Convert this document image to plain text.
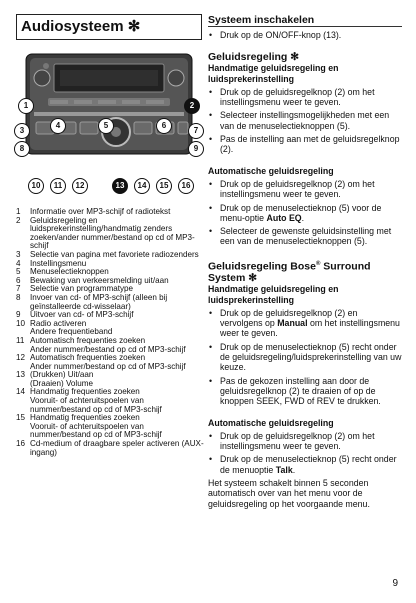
Audiosysteem ✻
1	2
3
4	5	6
7
8	9
10	11	12	13	14	15	16
1	Informatie over MP3-schijf of radiotekst
2	Geluidsregeling en luidsprekerinstelling/handmatig zenders zoeken/ander nummer/bestand op cd of MP3-schijf
3	Selectie van pagina met favoriete radiozenders
4	Instellingsmenu
5	Menuselectieknoppen
6	Bewaking van verkeersmelding uit/aan
7	Selectie van programmatype
8	Invoer van cd- of MP3-schijf (alleen bij geïnstalleerde cd-wisselaar)
9	Uitvoer van cd- of MP3-schijf
10 Radio activeren
Andere frequentieband
11 Automatisch frequenties zoeken
Ander nummer/bestand op cd of MP3-schijf
12 Automatisch frequenties zoeken
Ander nummer/bestand op cd of MP3-schijf
13 (Drukken) Uit/aan
(Draaien) Volume
14 Handmatig frequenties zoeken
Vooruit- of achteruitspoelen van nummer/bestand op cd of MP3-schijf
15 Handmatig frequenties zoeken
Vooruit- of achteruitspoelen van nummer/bestand op cd of MP3-schijf
16 Cd-medium of draagbare speler activeren (AUX-ingang)
Systeem inschakelen
• Druk op de ON/OFF-knop (13).
Geluidsregeling ✻
Handmatige geluidsregeling en luidsprekerinstelling
• Druk op de geluidsregelknop (2) om het instellingsmenu weer te geven.
• Selecteer instellingsmogelijkheden met een van de menuselectieknoppen (5).
• Pas de instelling aan met de geluidsregelknop (2).
Automatische geluidsregeling
• Druk op de geluidsregelknop (2) om het instellingsmenu weer te geven.
• Druk op de menuselectieknop (5) voor de menu-optie Auto EQ.
• Selecteer de gewenste geluidsinstelling met een van de menuselectieknoppen (5).
Geluidsregeling Bose® Surround System ✻
Handmatige geluidsregeling en luidsprekerinstelling
• Druk op de geluidsregelknop (2) en vervolgens op Manual om het instellingsmenu weer te geven.
• Druk op de menuselectieknop (5) recht onder de geluidsregeling/luidsprekerinstelling van uw keuze.
• Pas de gekozen instelling aan door de geluidsregelknop (2) te draaien of op de knoppen SEEK, FWD of REV te drukken.
Automatische geluidsregeling
• Druk op de geluidsregelknop (2) om het instellingsmenu weer te geven.
• Druk op de menuselectieknop (5) recht onder de menuoptie Talk.
Het systeem schakelt binnen 5 seconden automatisch over van het menu voor de geluidsregeling op het voorgaande menu.
9
